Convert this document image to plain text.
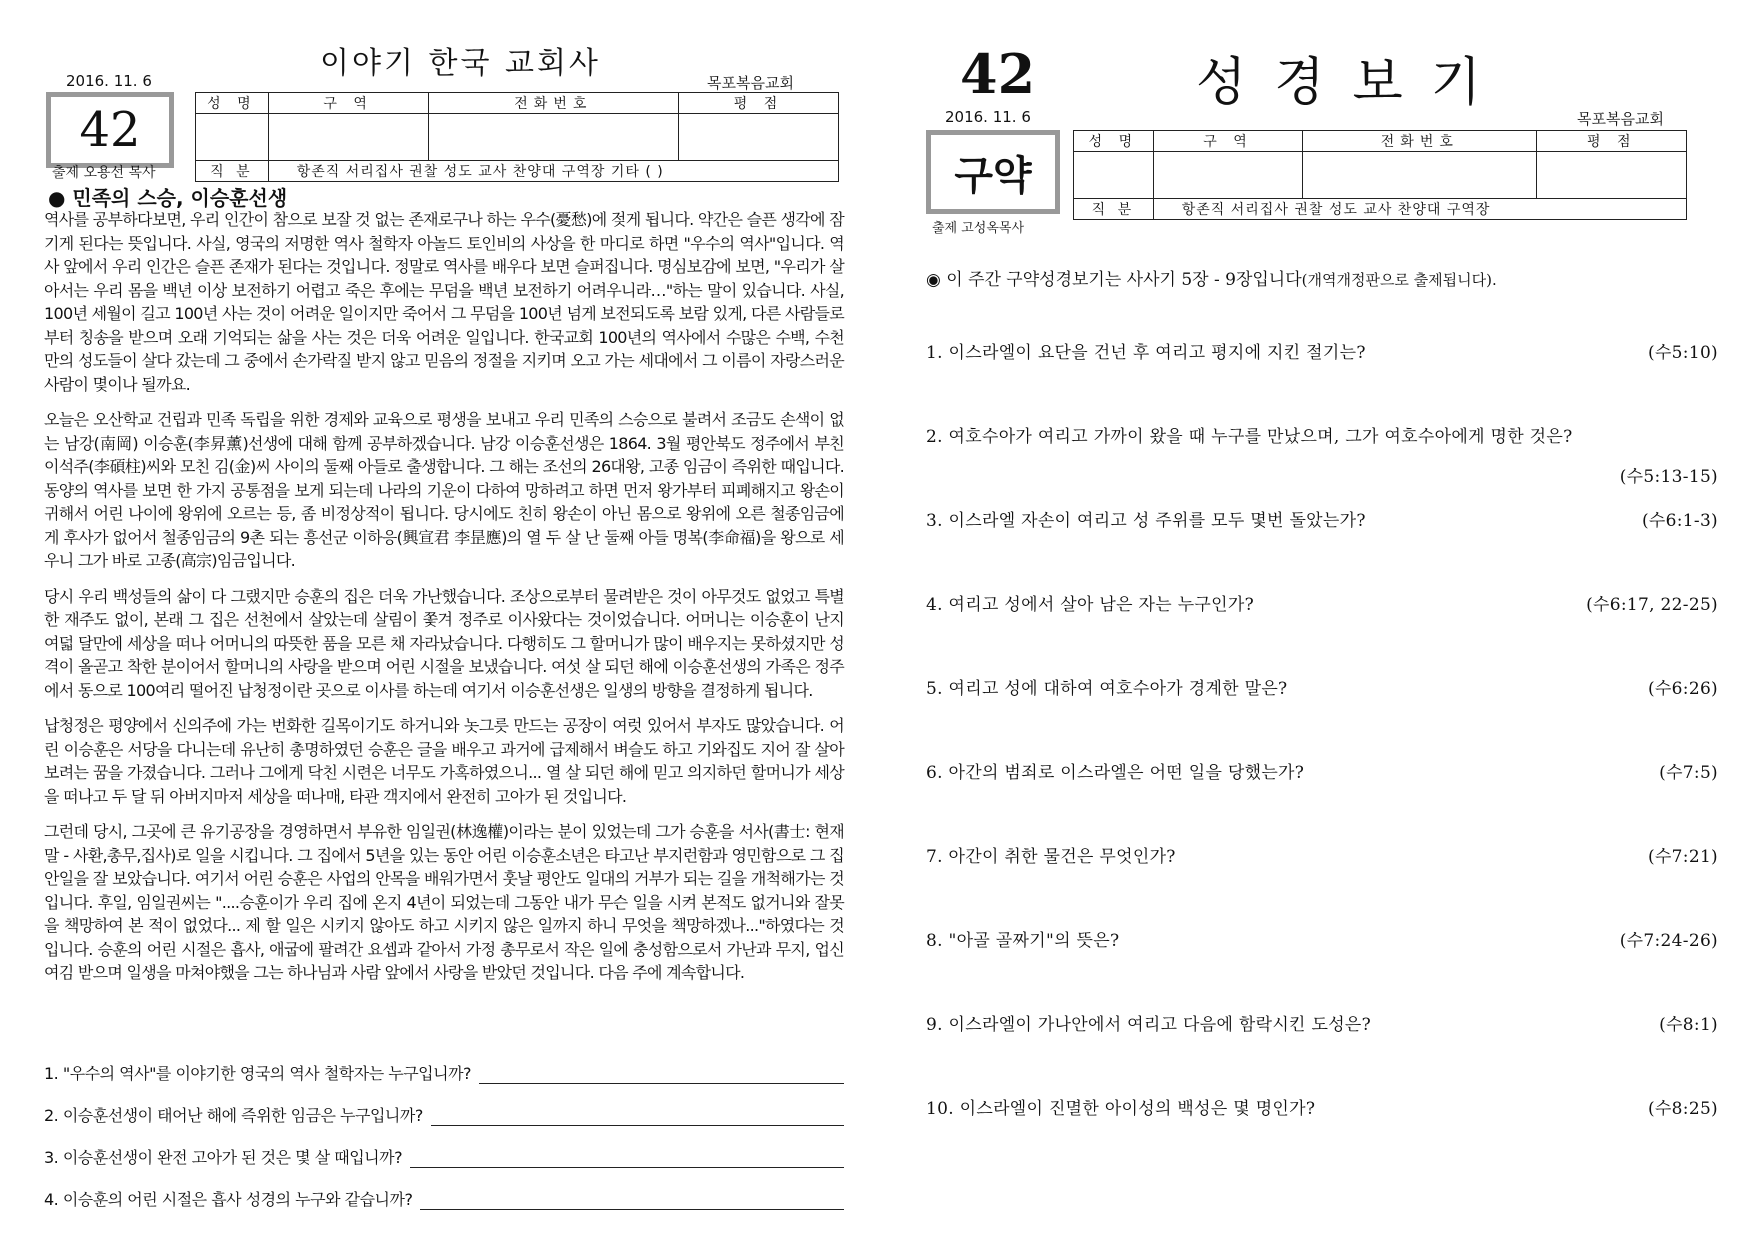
이야기 한국 교회사
2016. 11. 6	목포복음교회
42
출제 오용선 목사
성 명	구 역	전화번호	평 점

직 분	항존직 서리집사 권찰 성도 교사 찬양대 구역장 기타 ( )		
● 민족의 스승, 이승훈선생

역사를 공부하다보면, 우리 인간이 참으로 보잘 것 없는 존재로구나 하는 우수(憂愁)에 젖게 됩니다. 약간은 슬픈 생각에 잠기게 된다는 뜻입니다. 사실, 영국의 저명한 역사 철학자 아놀드 토인비의 사상을 한 마디로 하면 "우수의 역사"입니다. 역사 앞에서 우리 인간은 슬픈 존재가 된다는 것입니다. 정말로 역사를 배우다 보면 슬퍼집니다. 명심보감에 보면, "우리가 살아서는 우리 몸을 백년 이상 보전하기 어렵고 죽은 후에는 무덤을 백년 보전하기 어려우니라…"하는 말이 있습니다. 사실, 100년 세월이 길고 100년 사는 것이 어려운 일이지만 죽어서 그 무덤을 100년 넘게 보전되도록 보람 있게, 다른 사람들로부터 칭송을 받으며 오래 기억되는 삶을 사는 것은 더욱 어려운 일입니다. 한국교회 100년의 역사에서 수많은 수백, 수천만의 성도들이 살다 갔는데 그 중에서 손가락질 받지 않고 믿음의 정절을 지키며 오고 가는 세대에서 그 이름이 자랑스러운 사람이 몇이나 될까요.

오늘은 오산학교 건립과 민족 독립을 위한 경제와 교육으로 평생을 보내고 우리 민족의 스승으로 불려서 조금도 손색이 없는 남강(南岡) 이승훈(李昇薰)선생에 대해 함께 공부하겠습니다. 남강 이승훈선생은 1864. 3월 평안북도 정주에서 부친 이석주(李碩柱)씨와 모친 김(金)씨 사이의 둘째 아들로 출생합니다. 그 해는 조선의 26대왕, 고종 임금이 즉위한 때입니다. 동양의 역사를 보면 한 가지 공통점을 보게 되는데 나라의 기운이 다하여 망하려고 하면 먼저 왕가부터 피폐해지고 왕손이 귀해서 어린 나이에 왕위에 오르는 등, 좀 비정상적이 됩니다. 당시에도 친히 왕손이 아닌 몸으로 왕위에 오른 철종임금에게 후사가 없어서 철종임금의 9촌 되는 흥선군 이하응(興宣君 李昰應)의 열 두 살 난 둘째 아들 명복(李命福)을 왕으로 세우니 그가 바로 고종(高宗)임금입니다.

당시 우리 백성들의 삶이 다 그랬지만 승훈의 집은 더욱 가난했습니다. 조상으로부터 물려받은 것이 아무것도 없었고 특별한 재주도 없이, 본래 그 집은 선천에서 살았는데 살림이 쫓겨 정주로 이사왔다는 것이었습니다. 어머니는 이승훈이 난지 여덟 달만에 세상을 떠나 어머니의 따뜻한 품을 모른 채 자라났습니다. 다행히도 그 할머니가 많이 배우지는 못하셨지만 성격이 올곧고 착한 분이어서 할머니의 사랑을 받으며 어린 시절을 보냈습니다. 여섯 살 되던 해에 이승훈선생의 가족은 정주에서 동으로 100여리 떨어진 납청정이란 곳으로 이사를 하는데 여기서 이승훈선생은 일생의 방향을 결정하게 됩니다.

납청정은 평양에서 신의주에 가는 번화한 길목이기도 하거니와 놋그릇 만드는 공장이 여럿 있어서 부자도 많았습니다. 어린 이승훈은 서당을 다니는데 유난히 총명하였던 승훈은 글을 배우고 과거에 급제해서 벼슬도 하고 기와집도 지어 잘 살아보려는 꿈을 가졌습니다. 그러나 그에게 닥친 시련은 너무도 가혹하였으니... 열 살 되던 해에 믿고 의지하던 할머니가 세상을 떠나고 두 달 뒤 아버지마저 세상을 떠나매, 타관 객지에서 완전히 고아가 된 것입니다.

그런데 당시, 그곳에 큰 유기공장을 경영하면서 부유한 임일권(林逸權)이라는 분이 있었는데 그가 승훈을 서사(書士: 현재말 - 사환,총무,집사)로 일을 시킵니다. 그 집에서 5년을 있는 동안 어린 이승훈소년은 타고난 부지런함과 영민함으로 그 집안일을 잘 보았습니다. 여기서 어린 승훈은 사업의 안목을 배워가면서 훗날 평안도 일대의 거부가 되는 길을 개척해가는 것입니다. 후일, 임일권씨는 "....승훈이가 우리 집에 온지 4년이 되었는데 그동안 내가 무슨 일을 시켜 본적도 없거니와 잘못을 책망하여 본 적이 없었다... 제 할 일은 시키지 않아도 하고 시키지 않은 일까지 하니 무엇을 책망하겠나..."하였다는 것입니다. 승훈의 어린 시절은 흡사, 애굽에 팔려간 요셉과 같아서 가정 총무로서 작은 일에 충성함으로서 가난과 무지, 업신여김 받으며 일생을 마쳐야했을 그는 하나님과 사람 앞에서 사랑을 받았던 것입니다. 다음 주에 계속합니다.

1. "우수의 역사"를 이야기한 영국의 역사 철학자는 누구입니까?
2. 이승훈선생이 태어난 해에 즉위한 임금은 누구입니까?
3. 이승훈선생이 완전 고아가 된 것은 몇 살 때입니까?
4. 이승훈의 어린 시절은 흡사 성경의 누구와 같습니까?
42	성경보기
2016. 11. 6	목포복음교회
구약
출제 고성옥목사
성 명	구 역	전화번호	평 점

직 분	항존직 서리집사 권찰 성도 교사 찬양대 구역장		
◉ 이 주간 구약성경보기는 사사기 5장 - 9장입니다(개역개정판으로 출제됩니다).
1. 이스라엘이 요단을 건넌 후 여리고 평지에 지킨 절기는?	(수5:10)
2. 여호수아가 여리고 가까이 왔을 때 누구를 만났으며, 그가 여호수아에게 명한 것은?
(수5:13-15)
3. 이스라엘 자손이 여리고 성 주위를 모두 몇번 돌았는가?	(수6:1-3)
4. 여리고 성에서 살아 남은 자는 누구인가?	(수6:17, 22-25)
5. 여리고 성에 대하여 여호수아가 경계한 말은?	(수6:26)
6. 아간의 범죄로 이스라엘은 어떤 일을 당했는가?	(수7:5)
7. 아간이 취한 물건은 무엇인가?	(수7:21)
8. "아골 골짜기"의 뜻은?	(수7:24-26)
9. 이스라엘이 가나안에서 여리고 다음에 함락시킨 도성은?	(수8:1)
10. 이스라엘이 진멸한 아이성의 백성은 몇 명인가?	(수8:25)
